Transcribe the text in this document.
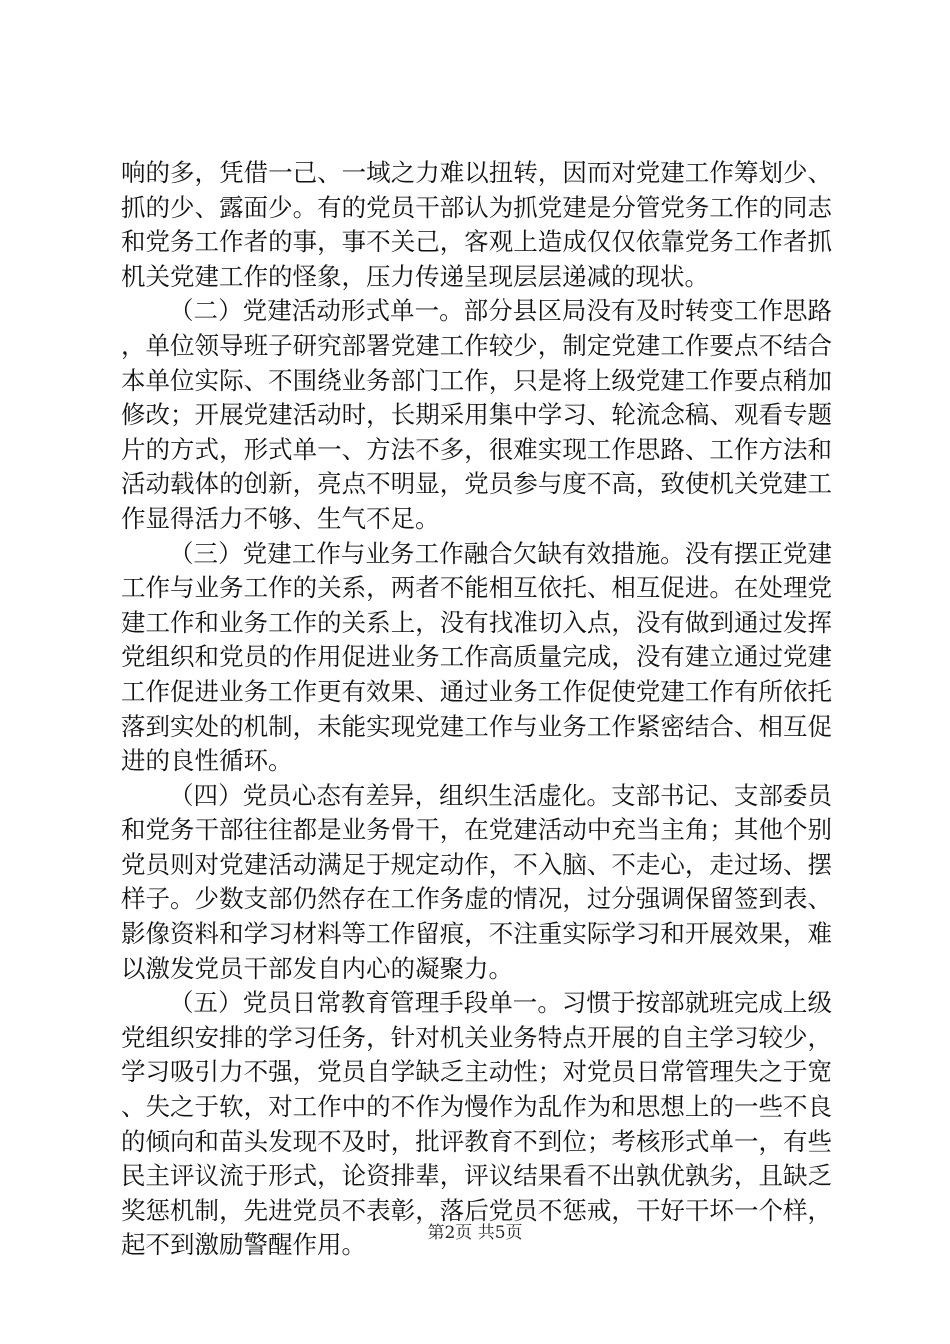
响的多，凭借一己、一域之力难以扭转，因而对党建工作筹划少、抓的少、露面少。有的党员干部认为抓党建是分管党务工作的同志和党务工作者的事，事不关己，客观上造成仅仅依靠党务工作者抓机关党建工作的怪象，压力传递呈现层层递减的现状。

（二）党建活动形式单一。部分县区局没有及时转变工作思路，单位领导班子研究部署党建工作较少，制定党建工作要点不结合本单位实际、不围绕业务部门工作，只是将上级党建工作要点稍加修改；开展党建活动时，长期采用集中学习、轮流念稿、观看专题片的方式，形式单一、方法不多，很难实现工作思路、工作方法和活动载体的创新，亮点不明显，党员参与度不高，致使机关党建工作显得活力不够、生气不足。

（三）党建工作与业务工作融合欠缺有效措施。没有摆正党建工作与业务工作的关系，两者不能相互依托、相互促进。在处理党建工作和业务工作的关系上，没有找准切入点，没有做到通过发挥党组织和党员的作用促进业务工作高质量完成，没有建立通过党建工作促进业务工作更有效果、通过业务工作促使党建工作有所依托落到实处的机制，未能实现党建工作与业务工作紧密结合、相互促进的良性循环。

（四）党员心态有差异，组织生活虚化。支部书记、支部委员和党务干部往往都是业务骨干，在党建活动中充当主角；其他个别党员则对党建活动满足于规定动作，不入脑、不走心，走过场、摆样子。少数支部仍然存在工作务虚的情况，过分强调保留签到表、影像资料和学习材料等工作留痕，不注重实际学习和开展效果，难以激发党员干部发自内心的凝聚力。

（五）党员日常教育管理手段单一。习惯于按部就班完成上级党组织安排的学习任务，针对机关业务特点开展的自主学习较少，学习吸引力不强，党员自学缺乏主动性；对党员日常管理失之于宽、失之于软，对工作中的不作为慢作为乱作为和思想上的一些不良的倾向和苗头发现不及时，批评教育不到位；考核形式单一，有些民主评议流于形式，论资排辈，评议结果看不出孰优孰劣，且缺乏奖惩机制，先进党员不表彰，落后党员不惩戒，干好干坏一个样，起不到激励警醒作用。	第2页 共5页
